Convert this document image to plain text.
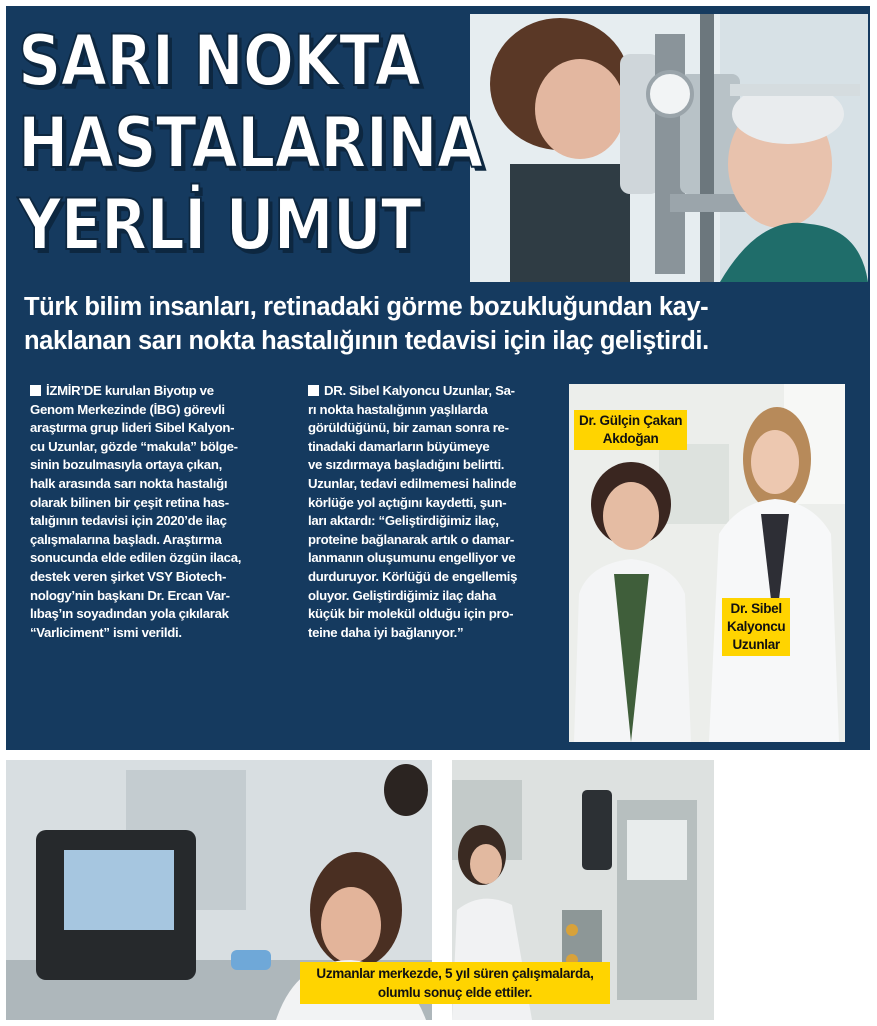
SARI NOKTA
HASTALARINA
YERLİ UMUT
Türk bilim insanları, retinadaki görme bozukluğundan kay-
naklanan sarı nokta hastalığının tedavisi için ilaç geliştirdi.
İZMİR’DE kurulan Biyotıp ve
Genom Merkezinde (İBG) görevli
araştırma grup lideri Sibel Kalyon-
cu Uzunlar, gözde “makula” bölge-
sinin bozulmasıyla ortaya çıkan,
halk arasında sarı nokta hastalığı
olarak bilinen bir çeşit retina has-
talığının tedavisi için 2020’de ilaç
çalışmalarına başladı. Araştırma
sonucunda elde edilen özgün ilaca,
destek veren şirket VSY Biotech-
nology’nin başkanı Dr. Ercan Var-
lıbaş’ın soyadından yola çıkılarak
“Varliciment” ismi verildi.
DR. Sibel Kalyoncu Uzunlar, Sa-
rı nokta hastalığının yaşlılarda
görüldüğünü, bir zaman sonra re-
tinadaki damarların büyümeye
ve sızdırmaya başladığını belirtti.
Uzunlar, tedavi edilmemesi halinde
körlüğe yol açtığını kaydetti, şun-
ları aktardı: “Geliştirdiğimiz ilaç,
proteine bağlanarak artık o damar-
lanmanın oluşumunu engelliyor ve
durduruyor. Körlüğü de engellemiş
oluyor. Geliştirdiğimiz ilaç daha
küçük bir molekül olduğu için pro-
teine daha iyi bağlanıyor.”
Dr. Gülçin Çakan
Akdoğan
Dr. Sibel
Kalyoncu
Uzunlar
Uzmanlar merkezde, 5 yıl süren çalışmalarda,
olumlu sonuç elde ettiler.
